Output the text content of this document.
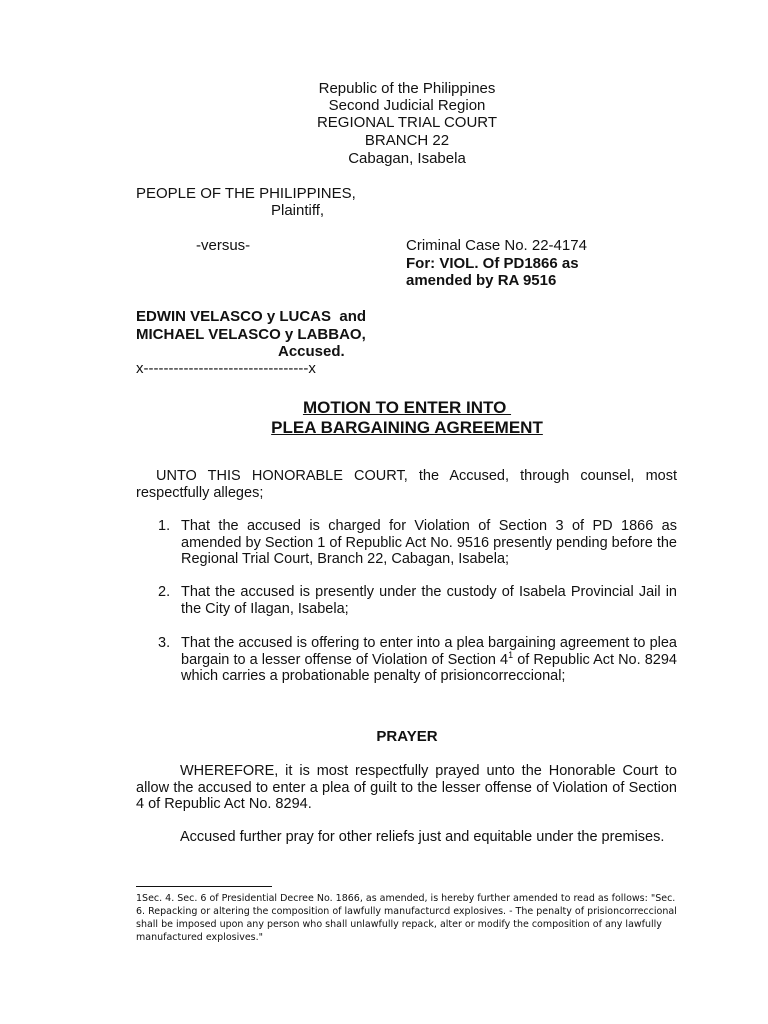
Republic of the Philippines
Second Judicial Region
REGIONAL TRIAL COURT
BRANCH 22
Cabagan, Isabela
PEOPLE OF THE PHILIPPINES,
Plaintiff,
-versus-	Criminal Case No. 22-4174
For: VIOL. Of PD1866 as
amended by RA 9516
EDWIN VELASCO y LUCAS  and
MICHAEL VELASCO y LABBAO,
Accused.
x---------------------------------x
MOTION TO ENTER INTO
PLEA BARGAINING AGREEMENT
UNTO THIS HONORABLE COURT, the Accused, through counsel, most respectfully alleges;
1. That the accused is charged for Violation of Section 3 of PD 1866 as amended by Section 1 of Republic Act No. 9516 presently pending before the Regional Trial Court, Branch 22, Cabagan, Isabela;
2. That the accused is presently under the custody of Isabela Provincial Jail in the City of Ilagan, Isabela;
3. That the accused is offering to enter into a plea bargaining agreement to plea bargain to a lesser offense of Violation of Section $4^1$ of Republic Act No. 8294 which carries a probationable penalty of prisioncorreccional;
PRAYER
WHEREFORE, it is most respectfully prayed unto the Honorable Court to allow the accused to enter a plea of guilt to the lesser offense of Violation of Section 4 of Republic Act No. 8294.
Accused further pray for other reliefs just and equitable under the premises.
1Sec. 4. Sec. 6 of Presidential Decree No. 1866, as amended, is hereby further amended to read as follows: "Sec. 6. Repacking or altering the composition of lawfully manufacturcd explosives. - The penalty of prisioncorreccional shall be imposed upon any person who shall unlawfully repack, alter or modify the composition of any lawfully manufactured explosives."
